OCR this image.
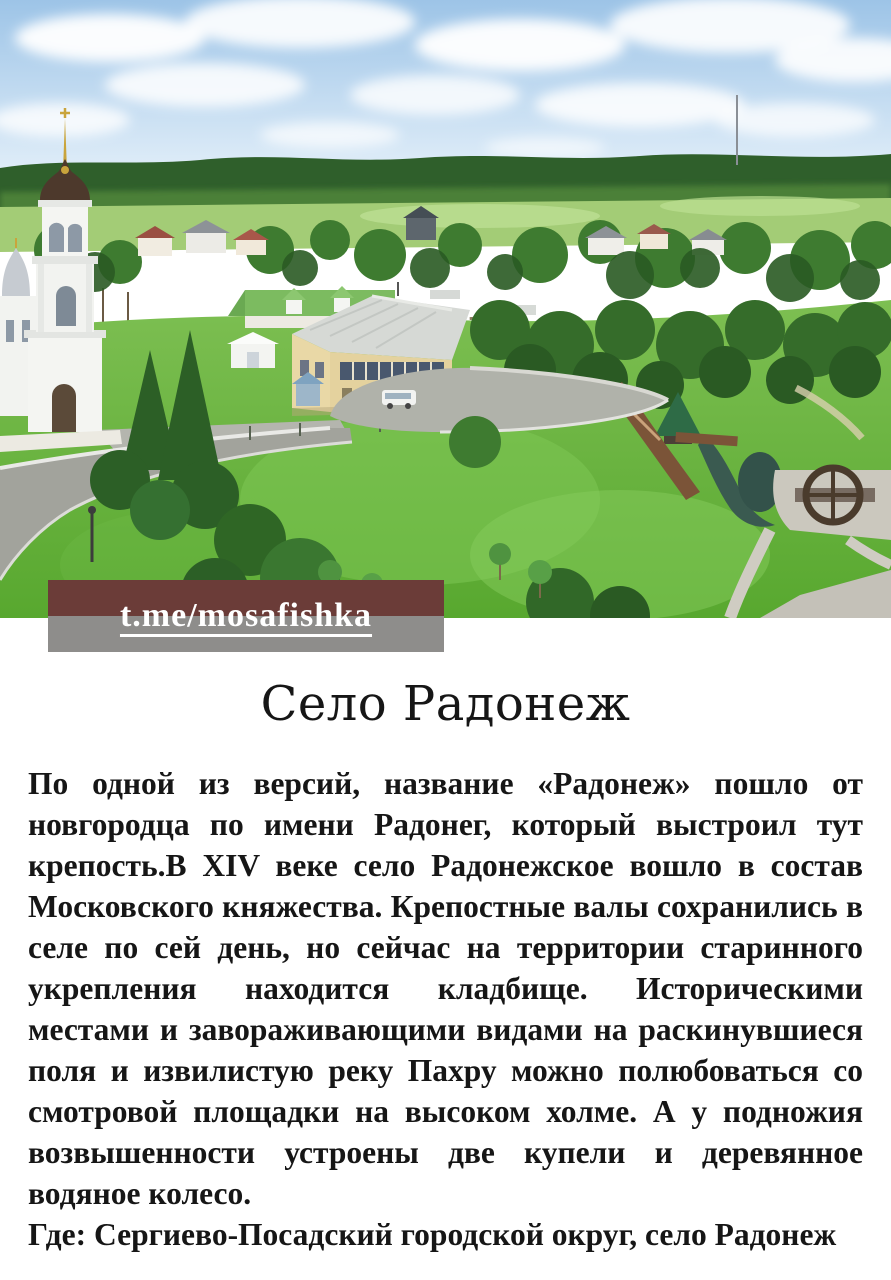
t.me/mosafishka
Село Радонеж
По одной из версий, название «Радонеж» пошло от
новгородца по имени Радонег, который выстроил тут
крепость.В XIV веке село Радонежское вошло в состав
Московского княжества. Крепостные валы сохранились в
селе по сей день, но сейчас на территории старинного
укрепления находится кладбище. Историческими
местами и завораживающими видами на раскинувшиеся
поля и извилистую реку Пахру можно полюбоваться со
смотровой площадки на высоком холме. А у подножия
возвышенности устроены две купели и деревянное
водяное колесо.
Где: Сергиево-Посадский городской округ, село Радонеж
